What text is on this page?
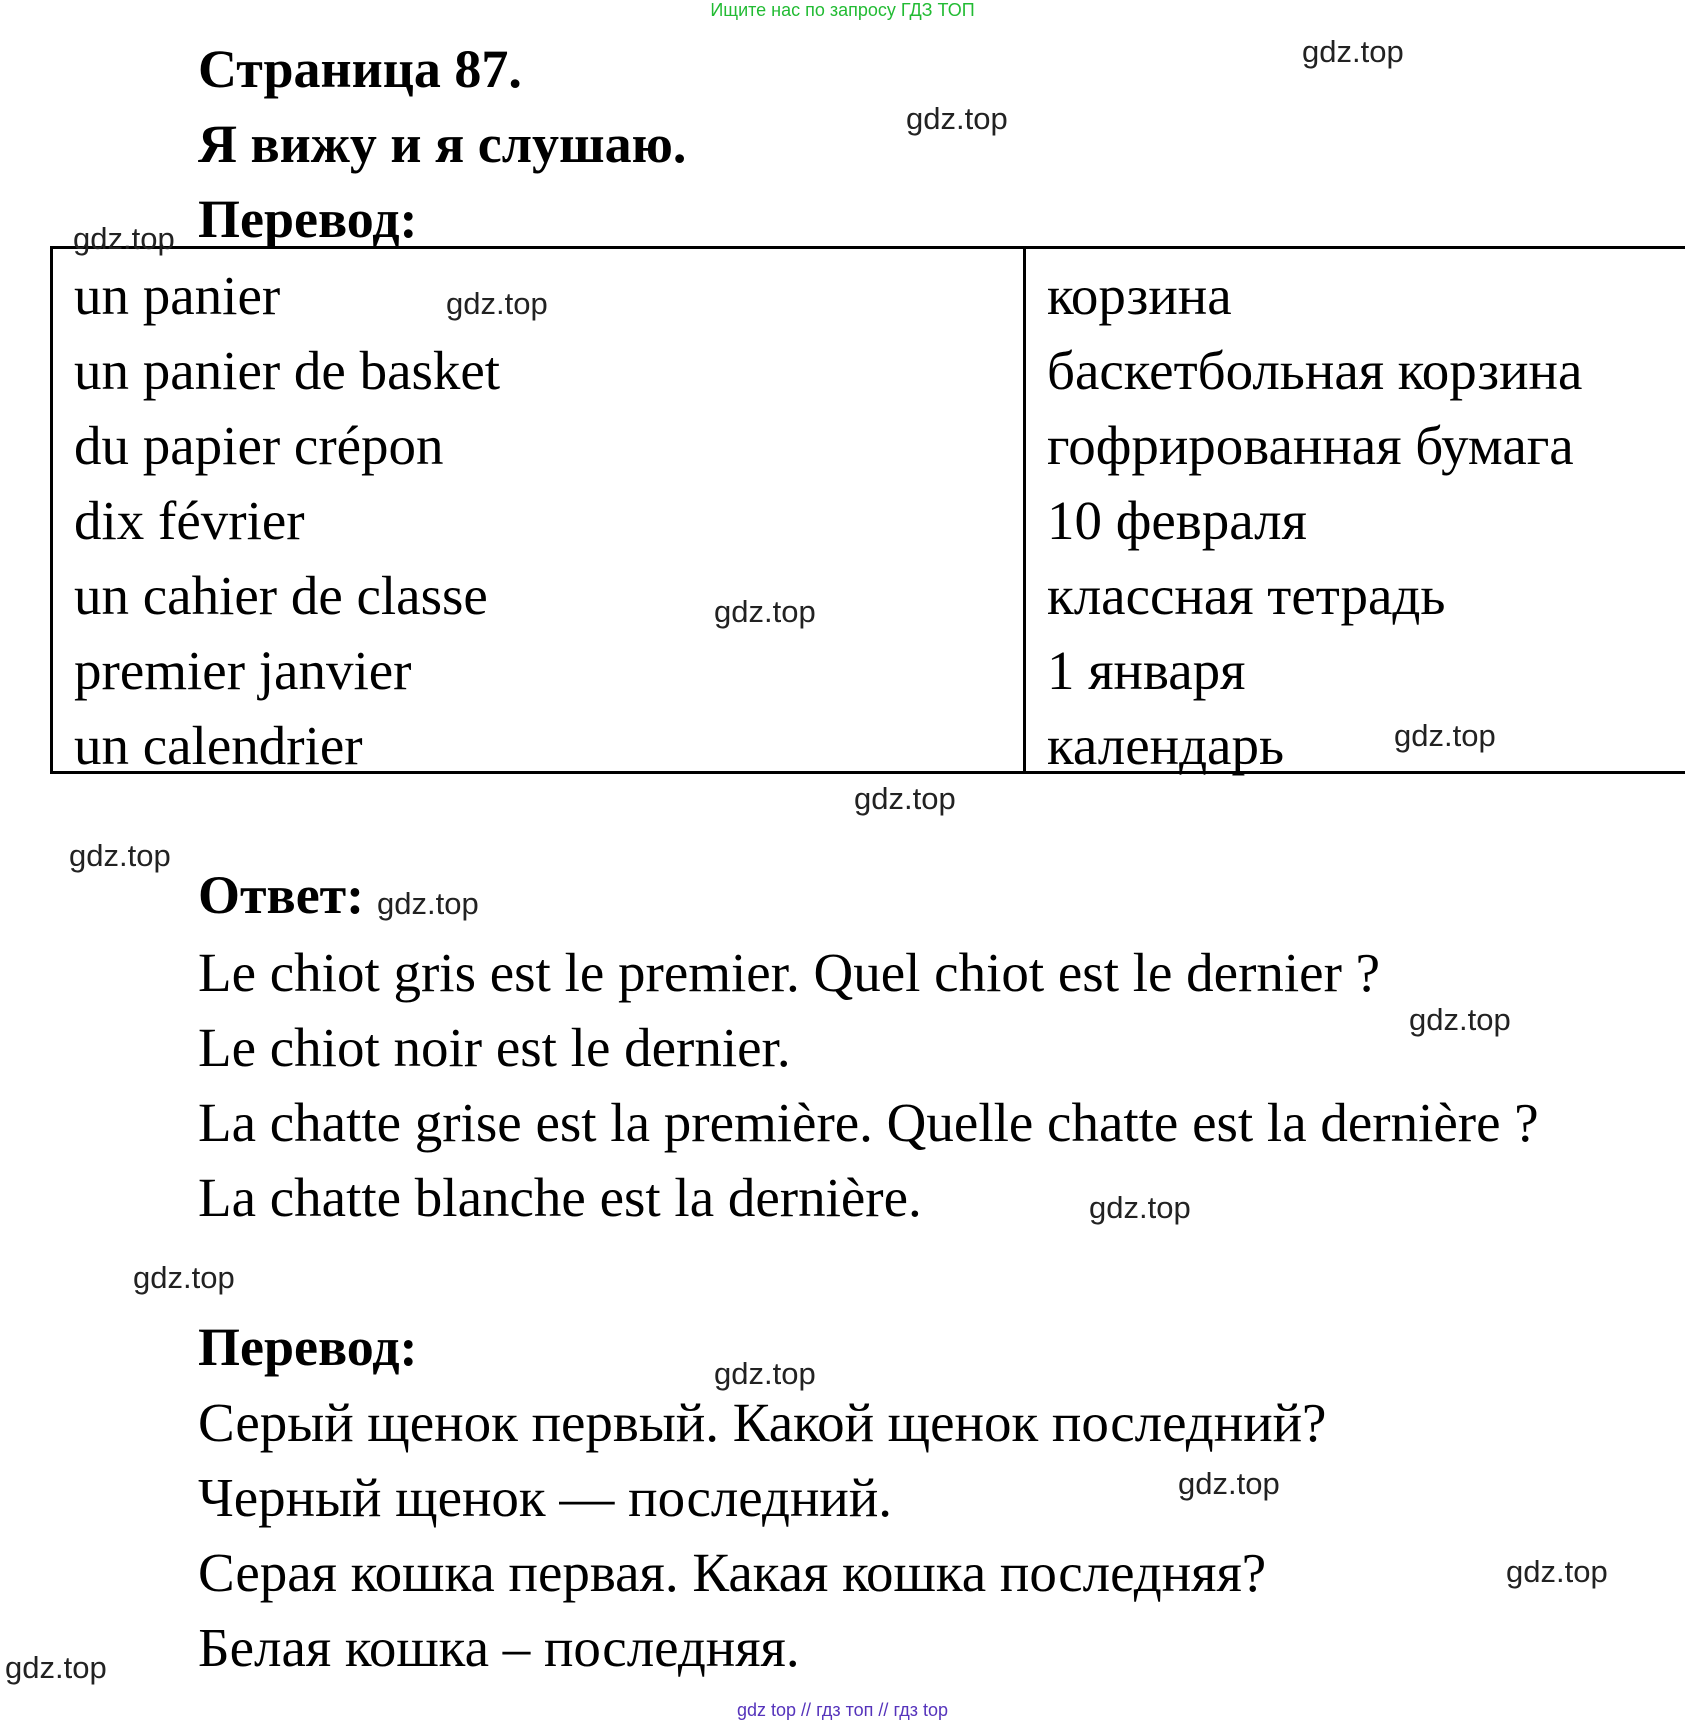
Ищите нас по запросу ГДЗ ТОП
Страница 87.
Я вижу и я слушаю.
Перевод:
un panier
un panier de basket
du papier crépon
dix février
un cahier de classe
premier janvier
un calendrier
корзина
баскетбольная корзина
гофрированная бумага
10 февраля
классная тетрадь
1 января
календарь
Ответ:
Le chiot gris est le premier. Quel chiot est le dernier ?
Le chiot noir est le dernier.
La chatte grise est la première. Quelle chatte est la dernière ?
La chatte blanche est la dernière.
Перевод:
Серый щенок первый. Какой щенок последний?
Черный щенок — последний.
Серая кошка первая. Какая кошка последняя?
Белая кошка – последняя.
gdz.top
gdz.top
gdz.top
gdz.top
gdz.top
gdz.top
gdz.top
gdz.top
gdz.top
gdz.top
gdz.top
gdz.top
gdz.top
gdz.top
gdz.top
gdz.top
gdz top // гдз топ // гдз top
